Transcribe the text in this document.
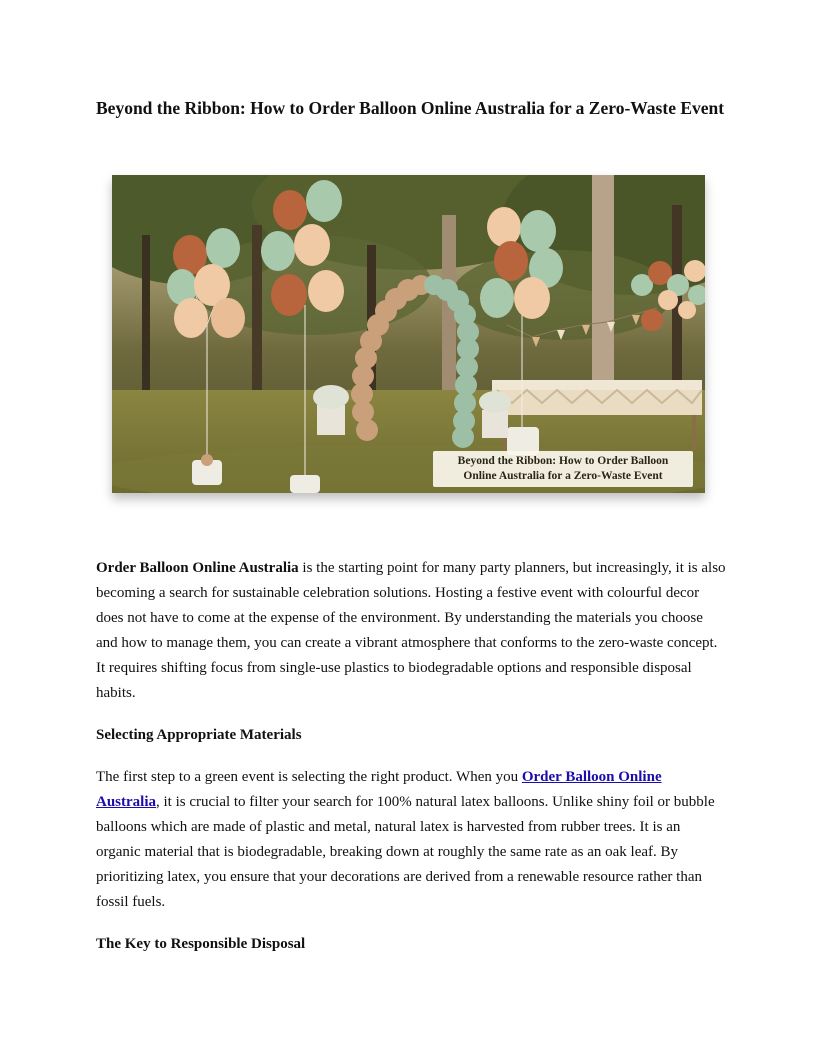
Beyond the Ribbon: How to Order Balloon Online Australia for a Zero-Waste Event
Beyond the Ribbon: How to Order Balloon
Online Australia for a Zero-Waste Event

Order Balloon Online Australia is the starting point for many party planners, but increasingly, it is also becoming a search for sustainable celebration solutions. Hosting a festive event with colourful decor does not have to come at the expense of the environment. By understanding the materials you choose and how to manage them, you can create a vibrant atmosphere that conforms to the zero-waste concept. It requires shifting focus from single-use plastics to biodegradable options and responsible disposal habits.

Selecting Appropriate Materials

The first step to a green event is selecting the right product. When you Order Balloon Online Australia, it is crucial to filter your search for 100% natural latex balloons. Unlike shiny foil or bubble balloons which are made of plastic and metal, natural latex is harvested from rubber trees. It is an organic material that is biodegradable, breaking down at roughly the same rate as an oak leaf. By prioritizing latex, you ensure that your decorations are derived from a renewable resource rather than fossil fuels.

The Key to Responsible Disposal
